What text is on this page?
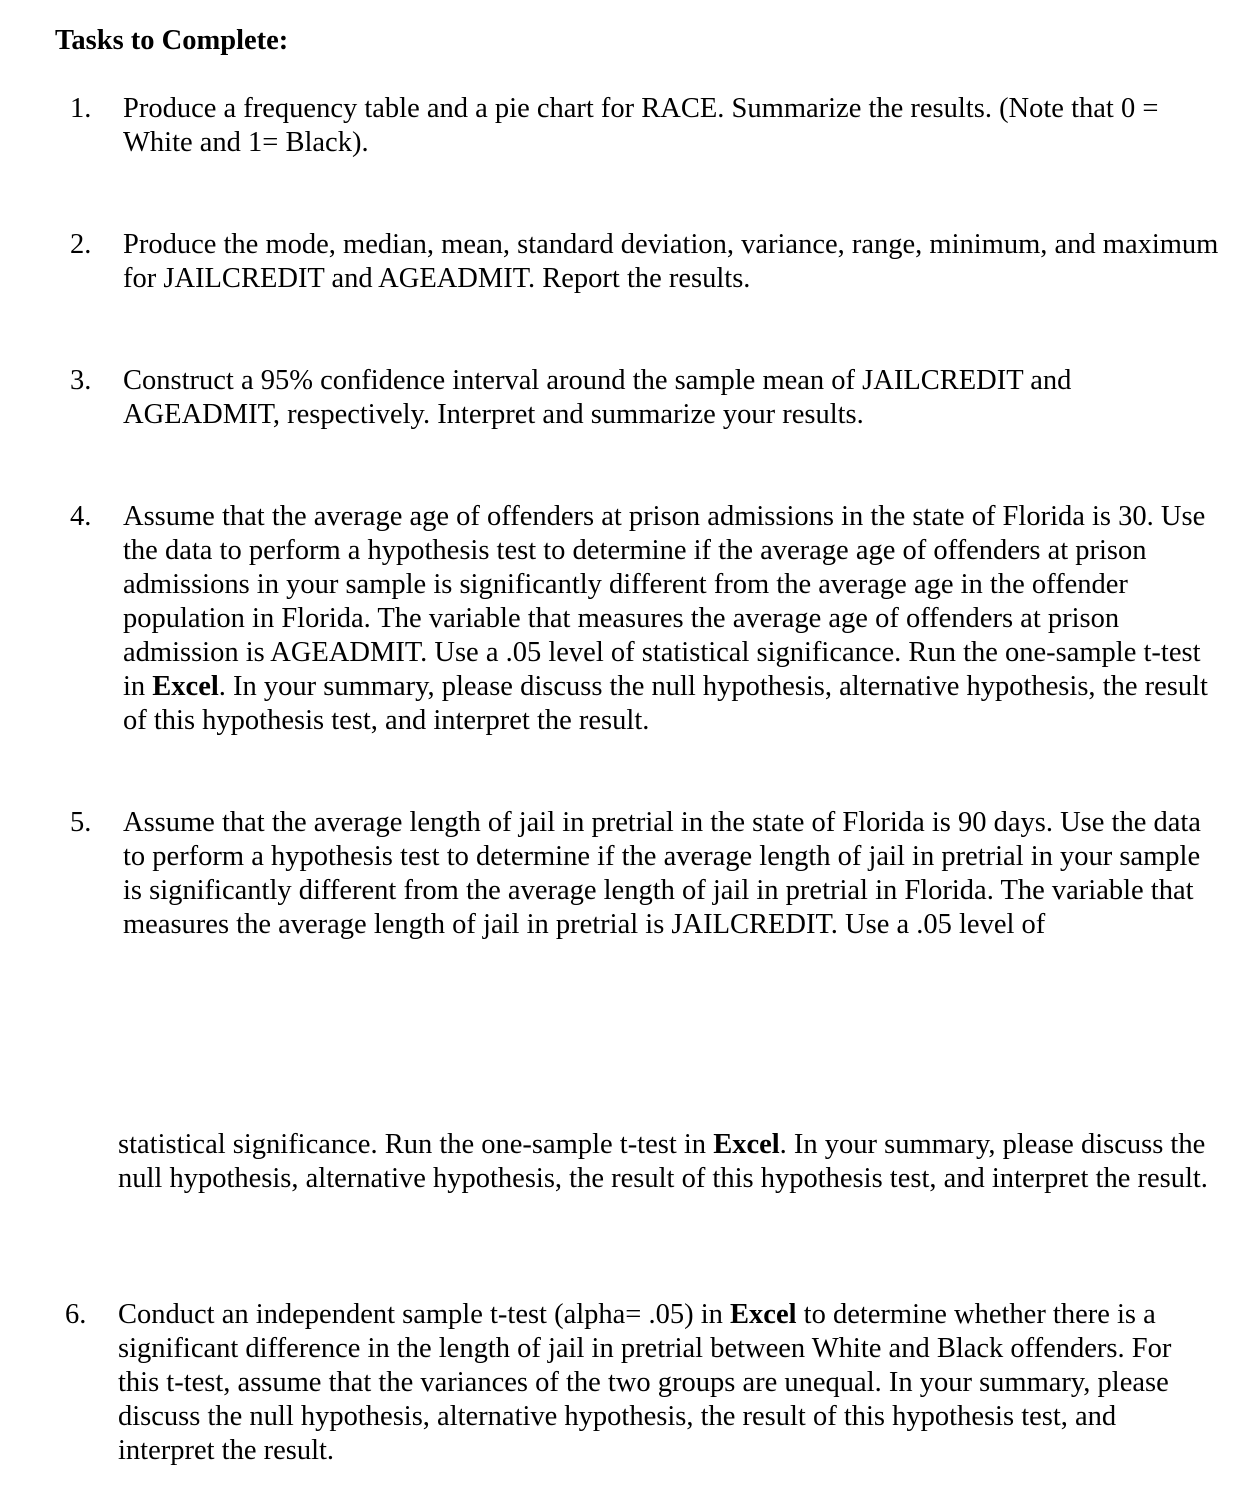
Tasks to Complete:
1. Produce a frequency table and a pie chart for RACE. Summarize the results. (Note that 0 = White and 1= Black).
2. Produce the mode, median, mean, standard deviation, variance, range, minimum, and maximum for JAILCREDIT and AGEADMIT. Report the results.
3. Construct a 95% confidence interval around the sample mean of JAILCREDIT and AGEADMIT, respectively. Interpret and summarize your results.
4. Assume that the average age of offenders at prison admissions in the state of Florida is 30. Use the data to perform a hypothesis test to determine if the average age of offenders at prison admissions in your sample is significantly different from the average age in the offender population in Florida. The variable that measures the average age of offenders at prison admission is AGEADMIT. Use a .05 level of statistical significance. Run the one-sample t-test in Excel. In your summary, please discuss the null hypothesis, alternative hypothesis, the result of this hypothesis test, and interpret the result.
5. Assume that the average length of jail in pretrial in the state of Florida is 90 days. Use the data to perform a hypothesis test to determine if the average length of jail in pretrial in your sample is significantly different from the average length of jail in pretrial in Florida. The variable that measures the average length of jail in pretrial is JAILCREDIT. Use a .05 level of
statistical significance. Run the one-sample t-test in Excel. In your summary, please discuss the null hypothesis, alternative hypothesis, the result of this hypothesis test, and interpret the result.
6. Conduct an independent sample t-test (alpha= .05) in Excel to determine whether there is a significant difference in the length of jail in pretrial between White and Black offenders. For this t-test, assume that the variances of the two groups are unequal. In your summary, please discuss the null hypothesis, alternative hypothesis, the result of this hypothesis test, and interpret the result.
